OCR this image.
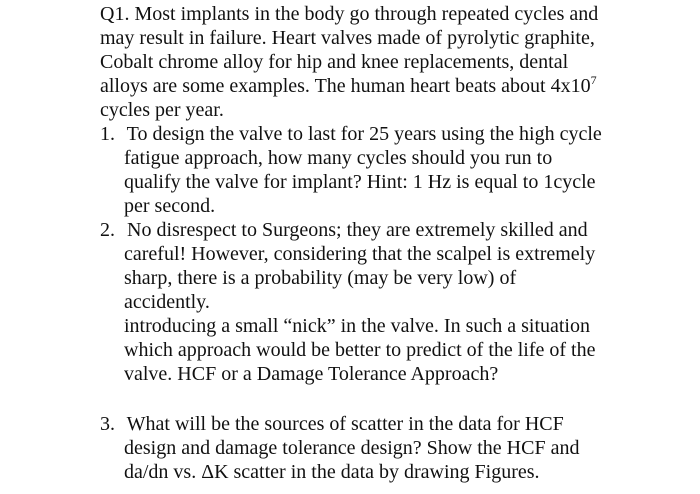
Q1. Most implants in the body go through repeated cycles and
may result in failure. Heart valves made of pyrolytic graphite,
Cobalt chrome alloy for hip and knee replacements, dental
alloys are some examples. The human heart beats about $4x10^7$
cycles per year.
1. To design the valve to last for 25 years using the high cycle
fatigue approach, how many cycles should you run to
qualify the valve for implant? Hint: 1 Hz is equal to 1cycle
per second.
2. No disrespect to Surgeons; they are extremely skilled and
careful! However, considering that the scalpel is extremely
sharp, there is a probability (may be very low) of
accidently.
introducing a small “nick” in the valve. In such a situation
which approach would be better to predict of the life of the
valve. HCF or a Damage Tolerance Approach?
3. What will be the sources of scatter in the data for HCF
design and damage tolerance design? Show the HCF and
da/dn vs. ΔK scatter in the data by drawing Figures.
